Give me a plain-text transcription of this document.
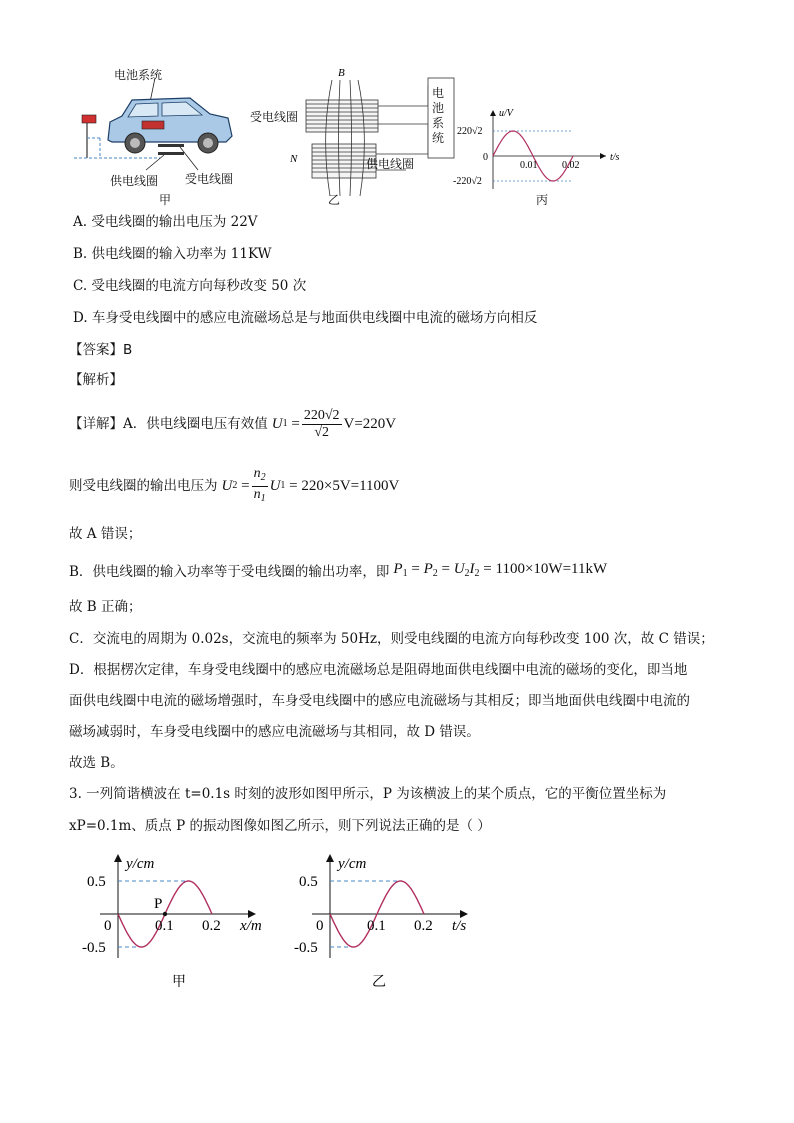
电池系统
供电线圈 受电线圈
甲
B
N
受电线圈
供电线圈
电池系统
乙
u/V
220√2
-220√2
0
0.01 0.02
t/s
丙
A. 受电线圈的输出电压为 22V
B. 供电线圈的输入功率为 11KW
C. 受电线圈的电流方向每秒改变 50 次
D. 车身受电线圈中的感应电流磁场总是与地面供电线圈中电流的磁场方向相反
【答案】B
【解析】
【详解】A．供电线圈电压有效值 U $1 = \frac{220√2}{√2} V=220V$
则受电线圈的输出电压为 U $2 = \frac{n_2}{n_1}$ U 1
= 220×5V=1100V
故 A 错误；
B．供电线圈的输入功率等于受电线圈的输出功率，即 $P_1 = P_2 = U_2I_2 = 1100\times 10W=11kW$
故 B 正确；
C．交流电的周期为 0.02s，交流电的频率为 50Hz，则受电线圈的电流方向每秒改变 100 次，故 C 错误；
D．根据楞次定律，车身受电线圈中的感应电流磁场总是阻碍地面供电线圈中电流的磁场的变化，即当地
面供电线圈中电流的磁场增强时，车身受电线圈中的感应电流磁场与其相反；即当地面供电线圈中电流的
磁场减弱时，车身受电线圈中的感应电流磁场与其相同，故 D 错误。
故选 B。
3. 一列简谐横波在 t=0.1s 时刻的波形如图甲所示，P 为该横波上的某个质点，它的平衡位置坐标为
xP=0.1m、质点 P 的振动图像如图乙所示，则下列说法正确的是（ ）
y/cm
0.5
-0.5
0	0.1 0.2 x/m
P
甲
y/cm
0.5
-0.5
0	0.1 0.2 t/s
乙
